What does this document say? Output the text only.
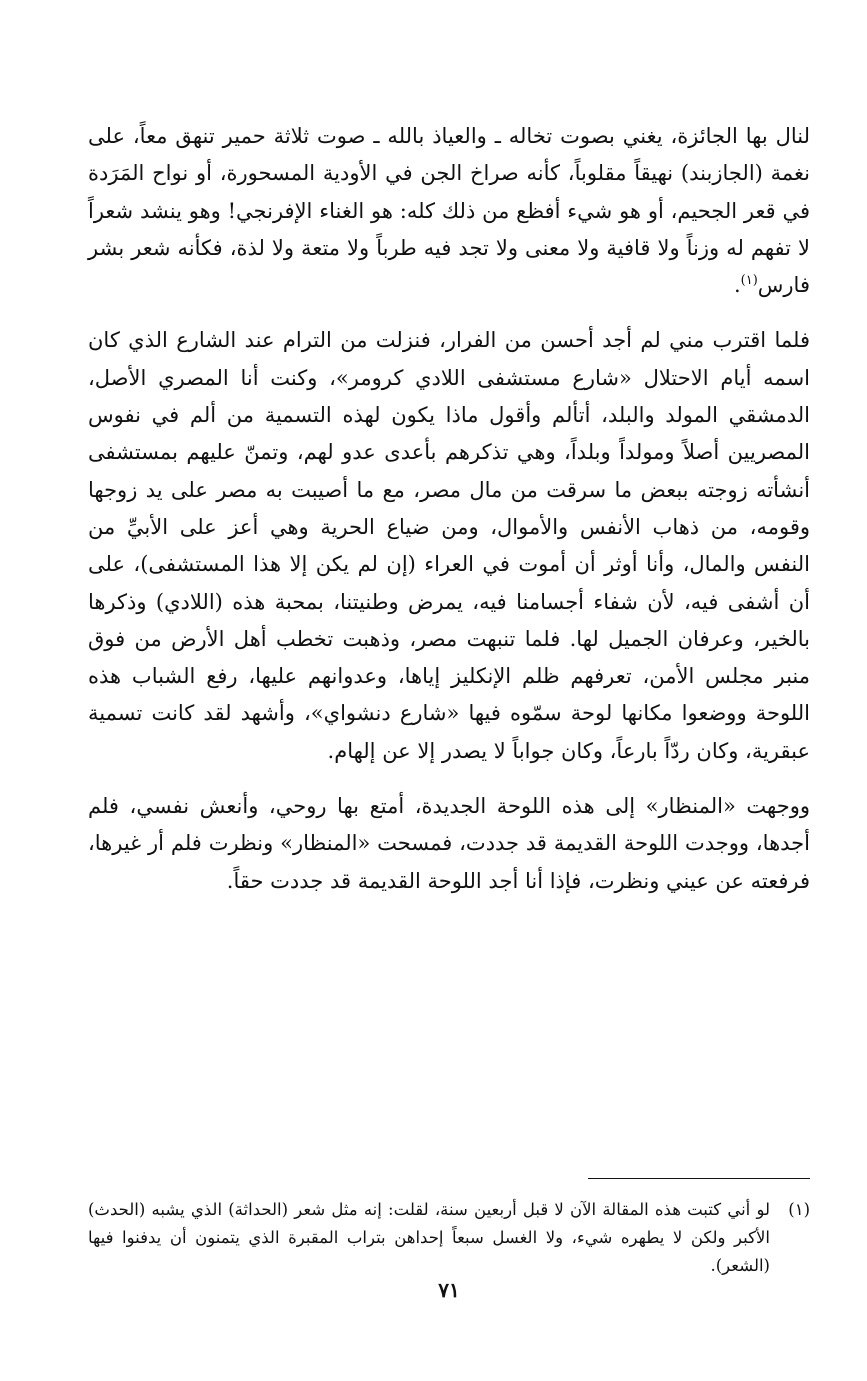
لنال بها الجائزة، يغني بصوت تخاله ـ والعياذ بالله ـ صوت ثلاثة حمير تنهق معاً، على نغمة (الجازبند) نهيقاً مقلوباً، كأنه صراخ الجن في الأودية المسحورة، أو نواح المَرَدة في قعر الجحيم، أو هو شيء أفظع من ذلك كله: هو الغناء الإفرنجي! وهو ينشد شعراً لا تفهم له وزناً ولا قافية ولا معنى ولا تجد فيه طرباً ولا متعة ولا لذة، فكأنه شعر بشر فارس$^{(١)}$.

فلما اقترب مني لم أجد أحسن من الفرار، فنزلت من الترام عند الشارع الذي كان اسمه أيام الاحتلال «شارع مستشفى اللادي كرومر»، وكنت أنا المصري الأصل، الدمشقي المولد والبلد، أتألم وأقول ماذا يكون لهذه التسمية من ألم في نفوس المصريين أصلاً ومولداً وبلداً، وهي تذكرهم بأعدى عدو لهم، وتمنّ عليهم بمستشفى أنشأته زوجته ببعض ما سرقت من مال مصر، مع ما أصيبت به مصر على يد زوجها وقومه، من ذهاب الأنفس والأموال، ومن ضياع الحرية وهي أعز على الأبيِّ من النفس والمال، وأنا أوثر أن أموت في العراء (إن لم يكن إلا هذا المستشفى)، على أن أشفى فيه، لأن شفاء أجسامنا فيه، يمرض وطنيتنا، بمحبة هذه (اللادي) وذكرها بالخير، وعرفان الجميل لها. فلما تنبهت مصر، وذهبت تخطب أهل الأرض من فوق منبر مجلس الأمن، تعرفهم ظلم الإنكليز إياها، وعدوانهم عليها، رفع الشباب هذه اللوحة ووضعوا مكانها لوحة سمّوه فيها «شارع دنشواي»، وأشهد لقد كانت تسمية عبقرية، وكان ردّاً بارعاً، وكان جواباً لا يصدر إلا عن إلهام.

ووجهت «المنظار» إلى هذه اللوحة الجديدة، أمتع بها روحي، وأنعش نفسي، فلم أجدها، ووجدت اللوحة القديمة قد جددت، فمسحت «المنظار» ونظرت فلم أر غيرها، فرفعته عن عيني ونظرت، فإذا أنا أجد اللوحة القديمة قد جددت حقاً.

(١)
لو أني كتبت هذه المقالة الآن لا قبل أربعين سنة، لقلت: إنه مثل شعر (الحداثة) الذي يشبه (الحدث) الأكبر ولكن لا يطهره شيء، ولا الغسل سبعاً إحداهن بتراب المقبرة الذي يتمنون أن يدفنوا فيها (الشعر).

٧١
